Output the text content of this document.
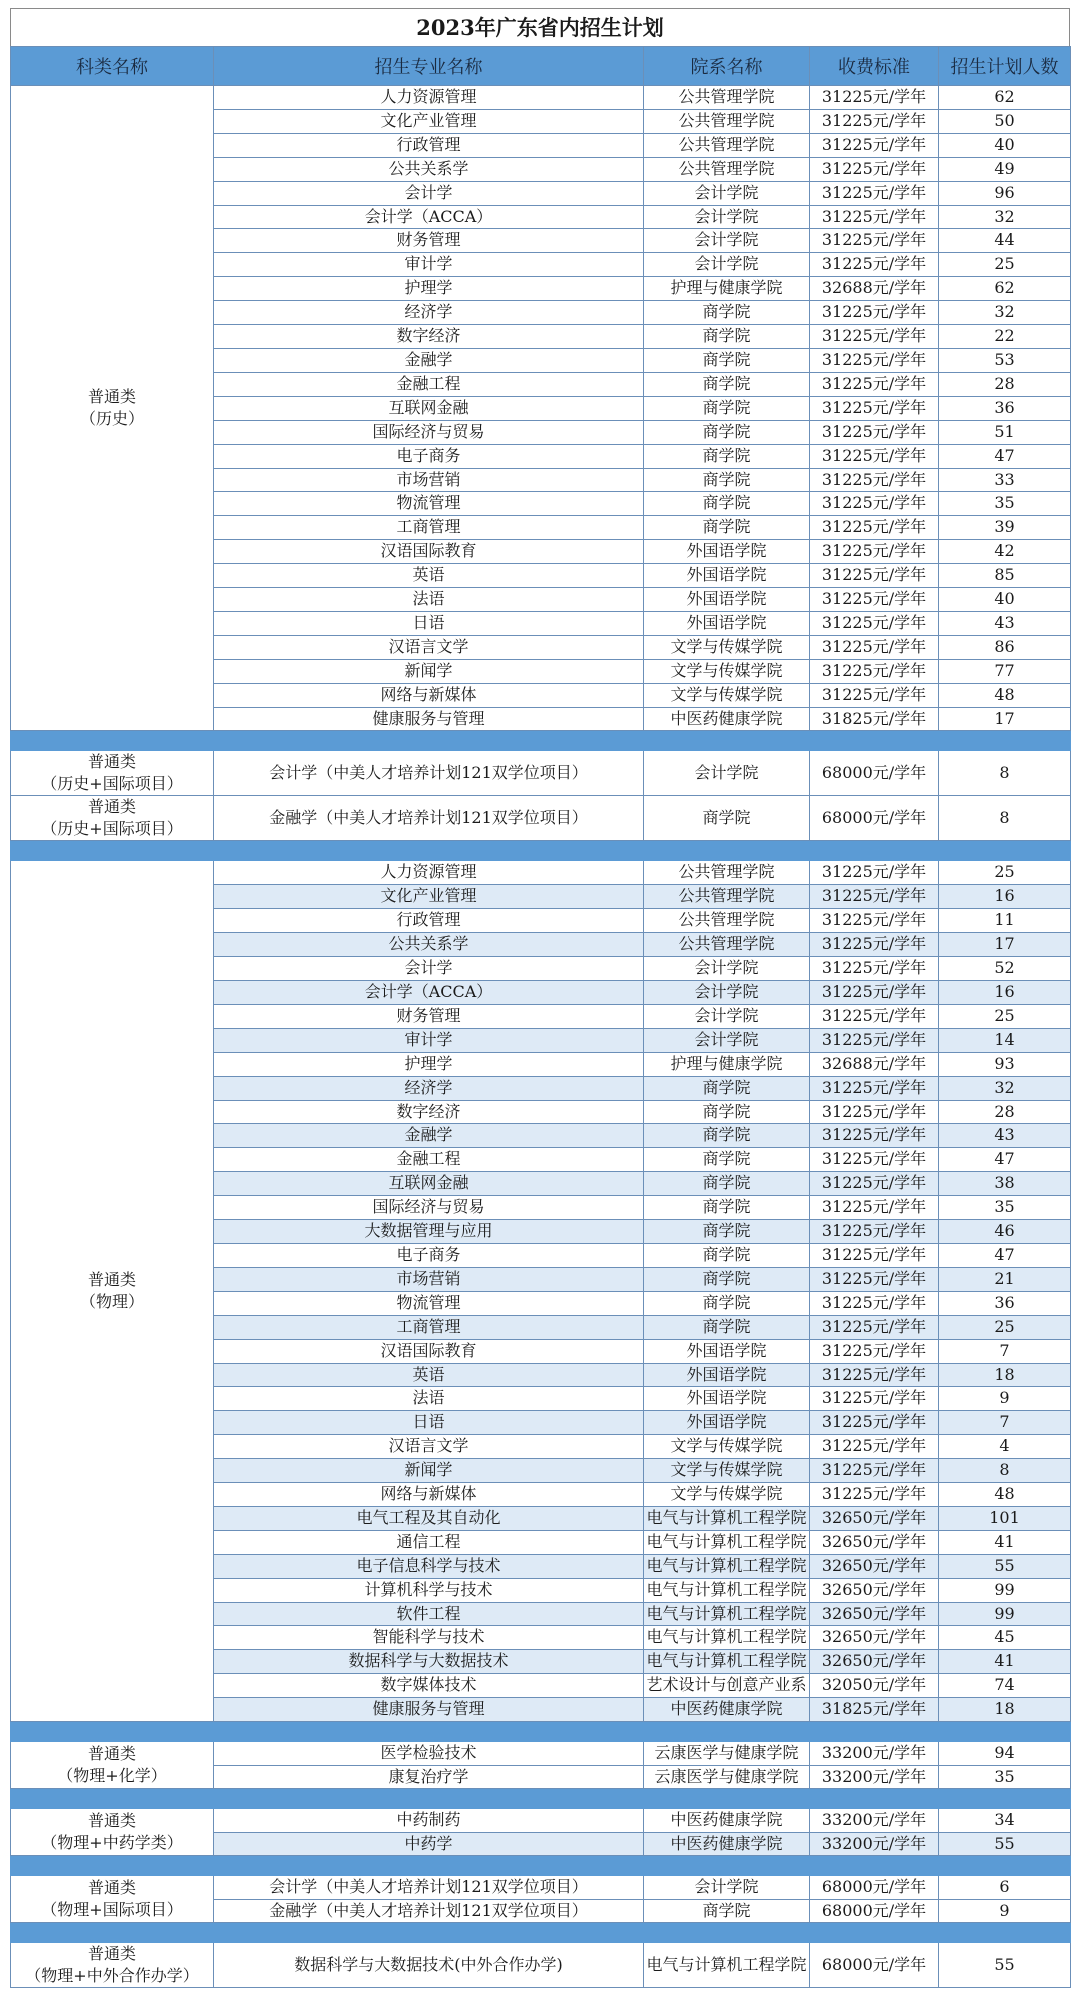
2023年广东省内招生计划
科类名称	招生专业名称	院系名称	收费标准	招生计划人数

普通类
（历史）	人力资源管理	公共管理学院	31225元/学年	62
	文化产业管理	公共管理学院	31225元/学年	50
	行政管理	公共管理学院	31225元/学年	40
	公共关系学	公共管理学院	31225元/学年	49
	会计学	会计学院	31225元/学年	96
	会计学（ACCA）	会计学院	31225元/学年	32
	财务管理	会计学院	31225元/学年	44
	审计学	会计学院	31225元/学年	25
	护理学	护理与健康学院	32688元/学年	62
	经济学	商学院	31225元/学年	32
	数字经济	商学院	31225元/学年	22
	金融学	商学院	31225元/学年	53
	金融工程	商学院	31225元/学年	28
	互联网金融	商学院	31225元/学年	36
	国际经济与贸易	商学院	31225元/学年	51
	电子商务	商学院	31225元/学年	47
	市场营销	商学院	31225元/学年	33
	物流管理	商学院	31225元/学年	35
	工商管理	商学院	31225元/学年	39
	汉语国际教育	外国语学院	31225元/学年	42
	英语	外国语学院	31225元/学年	85
	法语	外国语学院	31225元/学年	40
	日语	外国语学院	31225元/学年	43
	汉语言文学	文学与传媒学院	31225元/学年	86
	新闻学	文学与传媒学院	31225元/学年	77
	网络与新媒体	文学与传媒学院	31225元/学年	48
	健康服务与管理	中医药健康学院	31825元/学年	17

普通类
（历史+国际项目）	会计学（中美人才培养计划121双学位项目）	会计学院	68000元/学年	8

普通类
（历史+国际项目）	金融学（中美人才培养计划121双学位项目）	商学院	68000元/学年	8

普通类
（物理）	人力资源管理	公共管理学院	31225元/学年	25
	文化产业管理	公共管理学院	31225元/学年	16
	行政管理	公共管理学院	31225元/学年	11
	公共关系学	公共管理学院	31225元/学年	17
	会计学	会计学院	31225元/学年	52
	会计学（ACCA）	会计学院	31225元/学年	16
	财务管理	会计学院	31225元/学年	25
	审计学	会计学院	31225元/学年	14
	护理学	护理与健康学院	32688元/学年	93
	经济学	商学院	31225元/学年	32
	数字经济	商学院	31225元/学年	28
	金融学	商学院	31225元/学年	43
	金融工程	商学院	31225元/学年	47
	互联网金融	商学院	31225元/学年	38
	国际经济与贸易	商学院	31225元/学年	35
	大数据管理与应用	商学院	31225元/学年	46
	电子商务	商学院	31225元/学年	47
	市场营销	商学院	31225元/学年	21
	物流管理	商学院	31225元/学年	36
	工商管理	商学院	31225元/学年	25
	汉语国际教育	外国语学院	31225元/学年	7
	英语	外国语学院	31225元/学年	18
	法语	外国语学院	31225元/学年	9
	日语	外国语学院	31225元/学年	7
	汉语言文学	文学与传媒学院	31225元/学年	4
	新闻学	文学与传媒学院	31225元/学年	8
	网络与新媒体	文学与传媒学院	31225元/学年	48
	电气工程及其自动化	电气与计算机工程学院	32650元/学年	101
	通信工程	电气与计算机工程学院	32650元/学年	41
	电子信息科学与技术	电气与计算机工程学院	32650元/学年	55
	计算机科学与技术	电气与计算机工程学院	32650元/学年	99
	软件工程	电气与计算机工程学院	32650元/学年	99
	智能科学与技术	电气与计算机工程学院	32650元/学年	45
	数据科学与大数据技术	电气与计算机工程学院	32650元/学年	41
	数字媒体技术	艺术设计与创意产业系	32050元/学年	74
	健康服务与管理	中医药健康学院	31825元/学年	18

普通类
（物理+化学）	医学检验技术	云康医学与健康学院	33200元/学年	94
	康复治疗学	云康医学与健康学院	33200元/学年	35

普通类
（物理+中药学类）	中药制药	中医药健康学院	33200元/学年	34
	中药学	中医药健康学院	33200元/学年	55

普通类
（物理+国际项目）	会计学（中美人才培养计划121双学位项目）	会计学院	68000元/学年	6
	金融学（中美人才培养计划121双学位项目）	商学院	68000元/学年	9

普通类
（物理+中外合作办学）	数据科学与大数据技术(中外合作办学)	电气与计算机工程学院	68000元/学年	55
